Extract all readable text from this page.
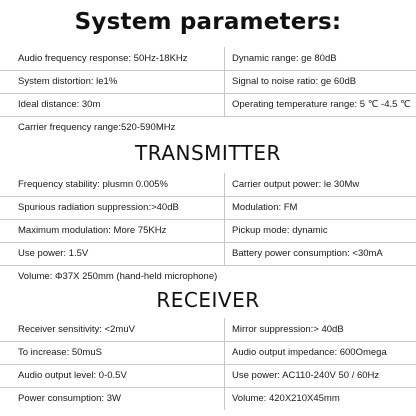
System parameters:
TRANSMITTER
RECEIVER
Audio frequency response: 50Hz-18KHz	Dynamic range: ge 80dB
System distortion: le1%	Signal to noise ratio: ge 60dB
Ideal distance: 30m	Operating temperature range: 5 ℃ -4.5 ℃
Carrier frequency range:520-590MHz
Frequency stability: plusmn 0.005%	Carrier output power: le 30Mw
Spurious radiation suppression:>40dB	Modulation: FM
Maximum modulation: More 75KHz	Pickup mode: dynamic
Use power: 1.5V	Battery power consumption: <30mA
Volume: Φ37X 250mm (hand-held microphone)
Receiver sensitivity: <2muV	Mirror suppression:> 40dB
To increase: 50muS	Audio output impedance: 600Omega
Audio output level: 0-0.5V	Use power: AC110-240V 50 / 60Hz
Power consumption: 3W	Volume: 420X210X45mm
